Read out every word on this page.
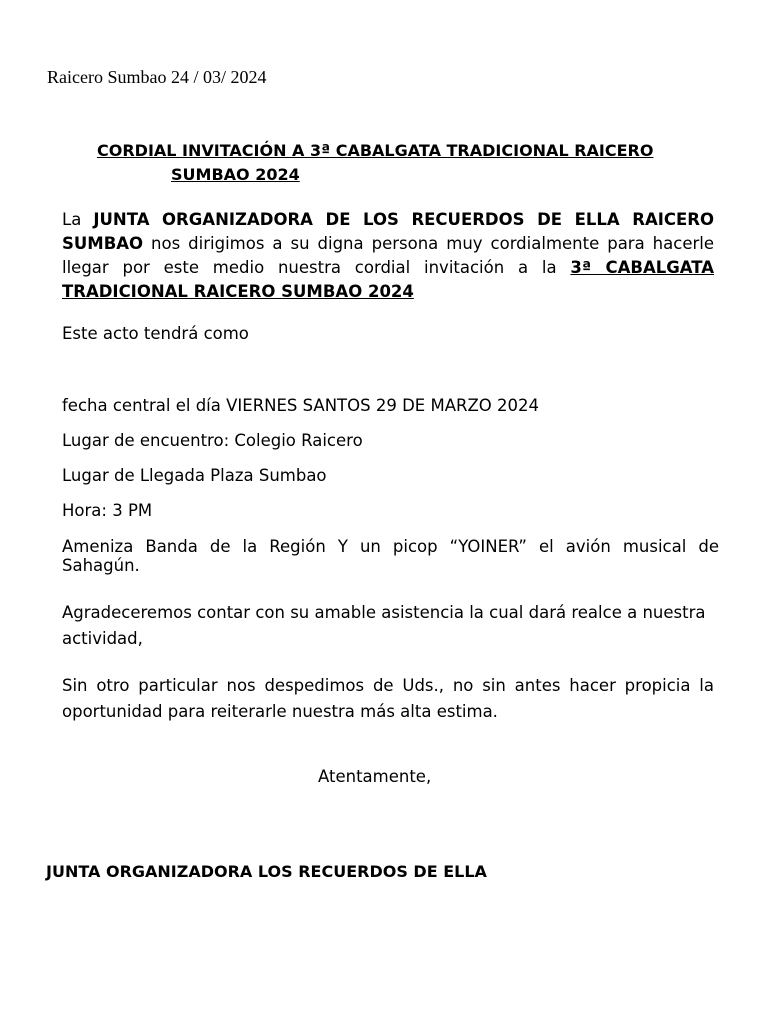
Raicero Sumbao 24 / 03/ 2024
CORDIAL INVITACIÓN A 3ª CABALGATA TRADICIONAL RAICERO
SUMBAO 2024
La JUNTA ORGANIZADORA DE LOS RECUERDOS DE ELLA RAICERO SUMBAO nos dirigimos a su digna persona muy cordialmente para hacerle llegar por este medio nuestra cordial invitación a la 3ª CABALGATA TRADICIONAL RAICERO SUMBAO 2024
Este acto tendrá como
fecha central el día VIERNES SANTOS 29 DE MARZO 2024
Lugar de encuentro: Colegio Raicero
Lugar de Llegada Plaza Sumbao
Hora: 3 PM
Ameniza Banda de la Región Y un picop “YOINER” el avión musical de Sahagún.
Agradeceremos contar con su amable asistencia la cual dará realce a nuestra actividad,
Sin otro particular nos despedimos de Uds., no sin antes hacer propicia la oportunidad para reiterarle nuestra más alta estima.
Atentamente,
JUNTA ORGANIZADORA LOS RECUERDOS DE ELLA
